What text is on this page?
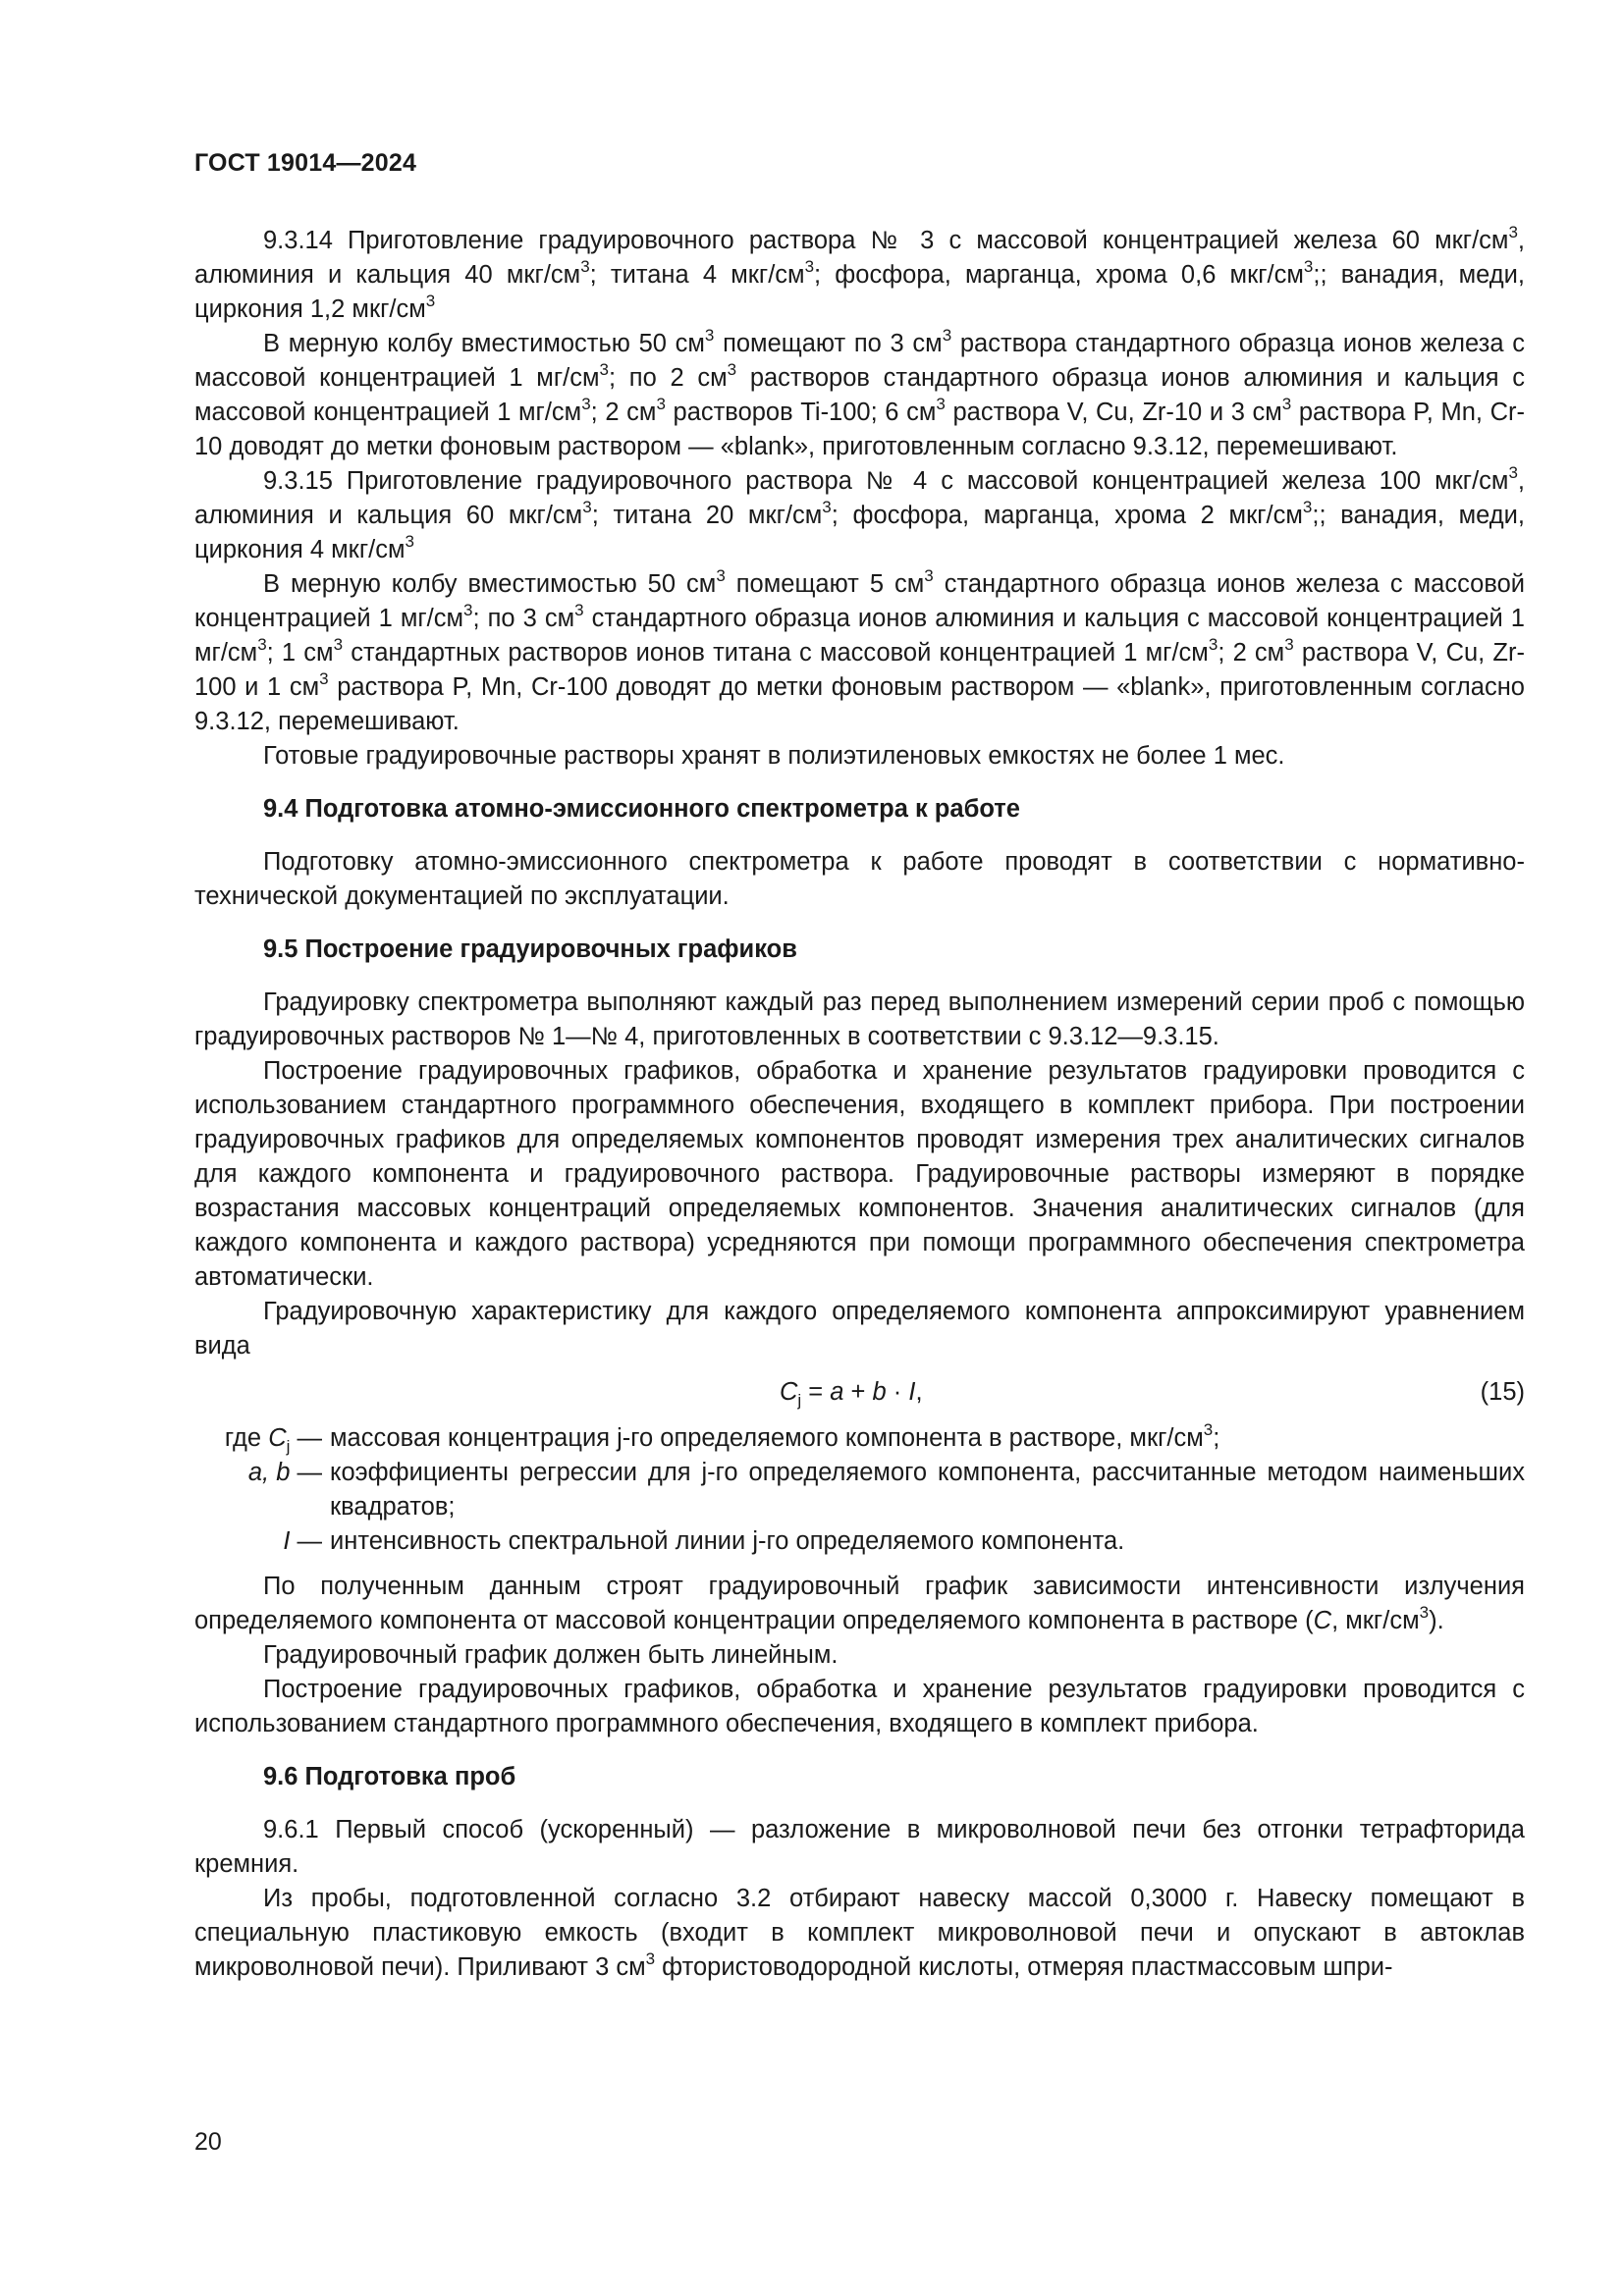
ГОСТ 19014—2024

9.3.14 Приготовление градуировочного раствора № 3 с массовой концентрацией железа 60 мкг/$см^3$, алюминия и кальция 40 мкг/$см^3$; титана 4 мкг/$см^3$; фосфора, марганца, хрома 0,6 мкг/$см^3$;; ванадия, меди, циркония 1,2 мкг/$см^3$

В мерную колбу вместимостью 50 $см^3$ помещают по 3 $см^3$ раствора стандартного образца ионов железа с массовой концентрацией 1 $мг/см^3$; по 2 $см^3$ растворов стандартного образца ионов алюминия и кальция с массовой концентрацией 1 $мг/см^3$; 2 $см^3$ растворов Ti-100; 6 $см^3$ раствора V, Cu, Zr-10 и 3 $см^3$ раствора P, Mn, Cr-10 доводят до метки фоновым раствором — «blank», приготовленным согласно 9.3.12, перемешивают.

9.3.15 Приготовление градуировочного раствора № 4 с массовой концентрацией железа 100 мкг/$см^3$, алюминия и кальция 60 мкг/$см^3$; титана 20 мкг/$см^3$; фосфора, марганца, хрома 2 мкг/$см^3$;; ванадия, меди, циркония 4 мкг/$см^3$

В мерную колбу вместимостью 50 $см^3$ помещают 5 $см^3$ стандартного образца ионов железа с массовой концентрацией 1 $мг/см^3$; по 3 $см^3$ стандартного образца ионов алюминия и кальция с массовой концентрацией 1 $мг/см^3$; 1 $см^3$ стандартных растворов ионов титана с массовой концентрацией 1 $мг/см^3$; 2 $см^3$ раствора V, Cu, Zr-100 и 1 $см^3$ раствора P, Mn, Cr-100 доводят до метки фоновым раствором — «blank», приготовленным согласно 9.3.12, перемешивают.

Готовые градуировочные растворы хранят в полиэтиленовых емкостях не более 1 мес.

9.4 Подготовка атомно-эмиссионного спектрометра к работе

Подготовку атомно-эмиссионного спектрометра к работе проводят в соответствии с нормативно-технической документацией по эксплуатации.

9.5 Построение градуировочных графиков

Градуировку спектрометра выполняют каждый раз перед выполнением измерений серии проб с помощью градуировочных растворов № 1—№ 4, приготовленных в соответствии с 9.3.12—9.3.15.

Построение градуировочных графиков, обработка и хранение результатов градуировки проводится с использованием стандартного программного обеспечения, входящего в комплект прибора. При построении градуировочных графиков для определяемых компонентов проводят измерения трех аналитических сигналов для каждого компонента и градуировочного раствора. Градуировочные растворы измеряют в порядке возрастания массовых концентраций определяемых компонентов. Значения аналитических сигналов (для каждого компонента и каждого раствора) усредняются при помощи программного обеспечения спектрометра автоматически.

Градуировочную характеристику для каждого определяемого компонента аппроксимируют уравнением вида

$C_j = a + b \cdot I$,	(15)
где $C_j$ — массовая концентрация j-го определяемого компонента в растворе, мкг/$см^3$;
a, b — коэффициенты регрессии для j-го определяемого компонента, рассчитанные методом наименьших квадратов;
I — интенсивность спектральной линии j-го определяемого компонента.

По полученным данным строят градуировочный график зависимости интенсивности излучения определяемого компонента от массовой концентрации определяемого компонента в растворе (C, мкг/$см^3$).

Градуировочный график должен быть линейным.

Построение градуировочных графиков, обработка и хранение результатов градуировки проводится с использованием стандартного программного обеспечения, входящего в комплект прибора.

9.6 Подготовка проб

9.6.1 Первый способ (ускоренный) — разложение в микроволновой печи без отгонки тетрафторида кремния.

Из пробы, подготовленной согласно 3.2 отбирают навеску массой 0,3000 г. Навеску помещают в специальную пластиковую емкость (входит в комплект микроволновой печи и опускают в автоклав микроволновой печи). Приливают 3 $см^3$ фтористоводородной кислоты, отмеряя пластмассовым шпри-

20
